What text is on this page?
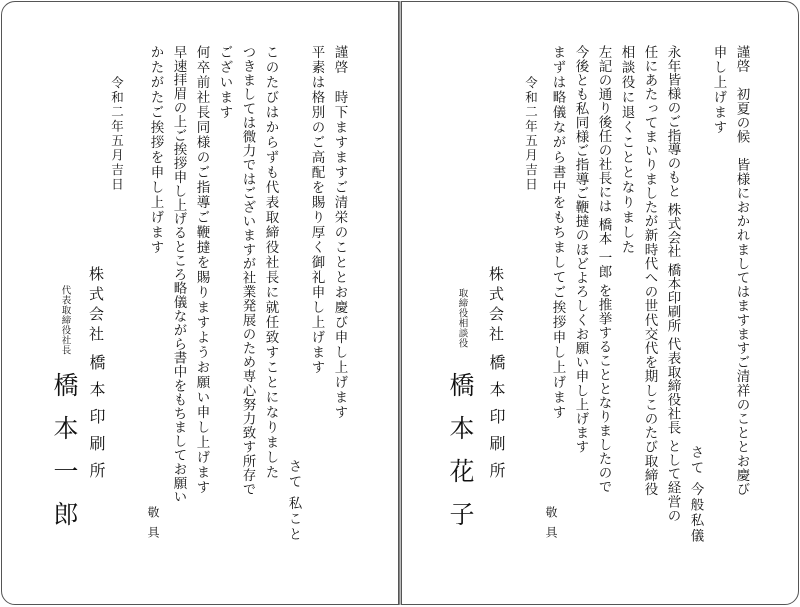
謹啓　時下ますますご清栄のこととお慶び申し上げます
平素は格別のご高配を賜り厚く御礼申し上げます
さて 私こと
このたびはからずも代表取締役社長に就任致すことになりました
つきましては微力ではございますが社業発展のため専心努力致す所存で
ございます
何卒前社長同様のご指導ご鞭撻を賜りますようお願い申し上げます
早速拝眉の上ご挨拶申し上げるところ略儀ながら書中をもちましてお願い
かたがたご挨拶を申し上げます
令和二年五月吉日
株式会社
橋本印刷所
代表取締役社長
橋本一郎	敬具
謹啓　初夏の候　皆様におかれましてはますますご清祥のこととお慶び
申し上げます
さて 今般私儀
永年皆様のご指導のもと 株式会社 橋本印刷所 代表取締役社長 として経営の
任にあたってまいりましたが新時代への世代交代を期しこのたび取締役
相談役に退くこととなりました
左記の通り後任の社長には 橋本 一郎 を推挙することとなりましたので
今後とも私同様ご指導ご鞭撻のほどよろしくお願い申し上げます
まずは略儀ながら書中をもちましてご挨拶申し上げます
令和二年五月吉日
株式会社
橋本印刷所
取締役相談役
橋本花子	敬具
